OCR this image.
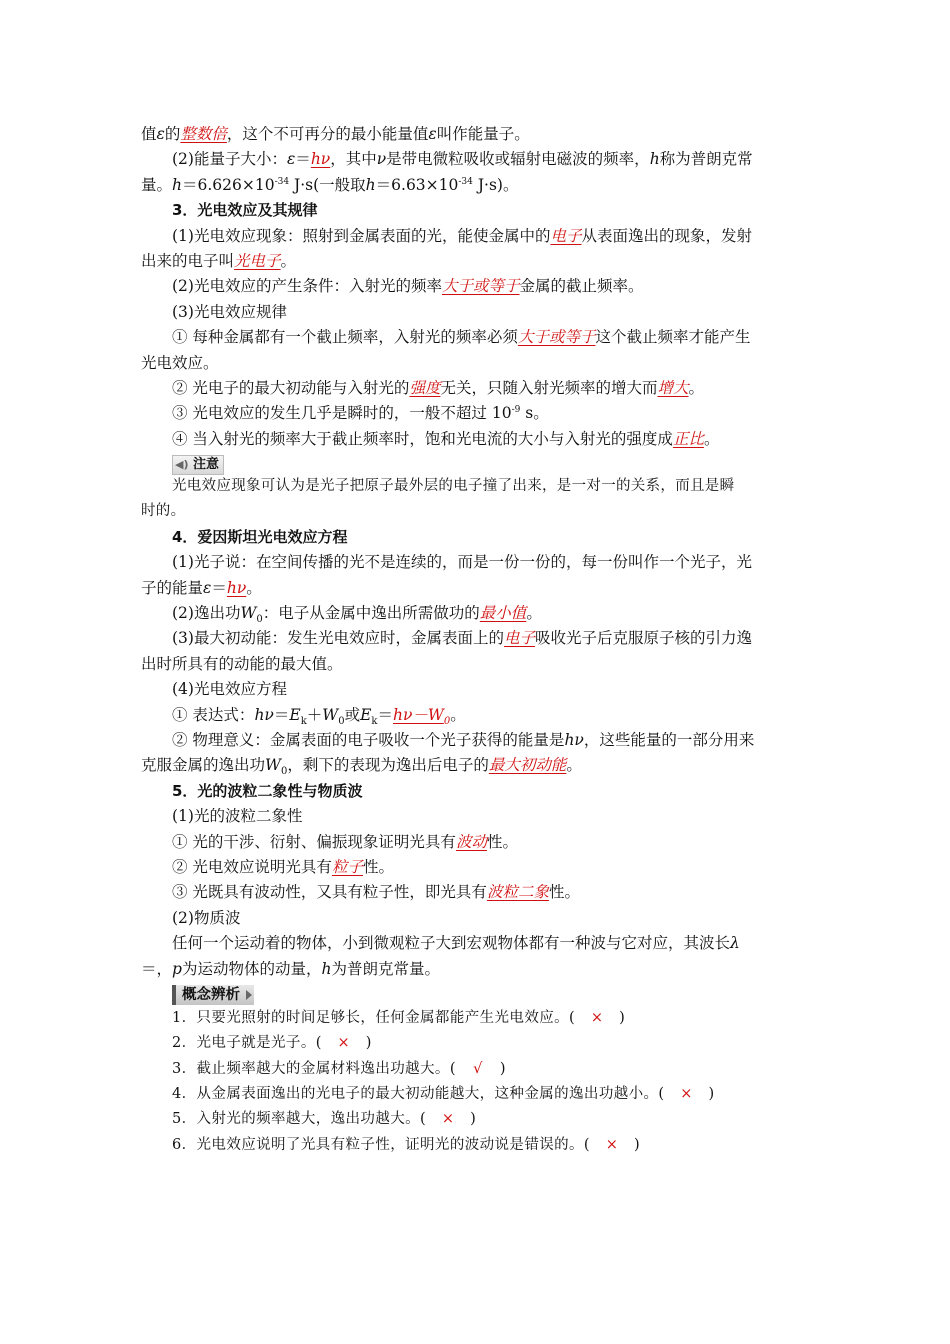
值ε的整数倍，这个不可再分的最小能量值ε叫作能量子。
(2)能量子大小：ε＝hν，其中ν是带电微粒吸收或辐射电磁波的频率，h称为普朗克常
量。$h=6.626\times 10^{-34}$ J·s(一般取$h=6.63\times 10^{-34}$ J·s)。
3．光电效应及其规律
(1)光电效应现象：照射到金属表面的光，能使金属中的电子从表面逸出的现象，发射
出来的电子叫光电子。
(2)光电效应的产生条件：入射光的频率大于或等于金属的截止频率。
(3)光电效应规律
① 每种金属都有一个截止频率，入射光的频率必须大于或等于这个截止频率才能产生
光电效应。
② 光电子的最大初动能与入射光的强度无关，只随入射光频率的增大而增大。
③ 光电效应的发生几乎是瞬时的，一般不超过 $10^{-9}$ s。
④ 当入射光的频率大于截止频率时，饱和光电流的大小与入射光的强度成正比。
◀) 注意
光电效应现象可认为是光子把原子最外层的电子撞了出来，是一对一的关系，而且是瞬
时的。
4．爱因斯坦光电效应方程
(1)光子说：在空间传播的光不是连续的，而是一份一份的，每一份叫作一个光子，光
子的能量ε＝hν。
(2)逸出功$W_0$：电子从金属中逸出所需做功的最小值。
(3)最大初动能：发生光电效应时，金属表面上的电子吸收光子后克服原子核的引力逸
出时所具有的动能的最大值。
(4)光电效应方程
① 表达式：$h\nu=E_k+W_0$或$E_k=h\nu-W_0$。
② 物理意义：金属表面的电子吸收一个光子获得的能量是hν，这些能量的一部分用来
克服金属的逸出功$W_0$，剩下的表现为逸出后电子的最大初动能。
5．光的波粒二象性与物质波
(1)光的波粒二象性
① 光的干涉、衍射、偏振现象证明光具有波动性。
② 光电效应说明光具有粒子性。
③ 光既具有波动性，又具有粒子性，即光具有波粒二象性。
(2)物质波
任何一个运动着的物体，小到微观粒子大到宏观物体都有一种波与它对应，其波长λ
＝，p为运动物体的动量，h为普朗克常量。
概念辨析
1．只要光照射的时间足够长，任何金属都能产生光电效应。( × )
2．光电子就是光子。( × )
3．截止频率越大的金属材料逸出功越大。( √ )
4．从金属表面逸出的光电子的最大初动能越大，这种金属的逸出功越小。( × )
5．入射光的频率越大，逸出功越大。( × )
6．光电效应说明了光具有粒子性，证明光的波动说是错误的。( × )
